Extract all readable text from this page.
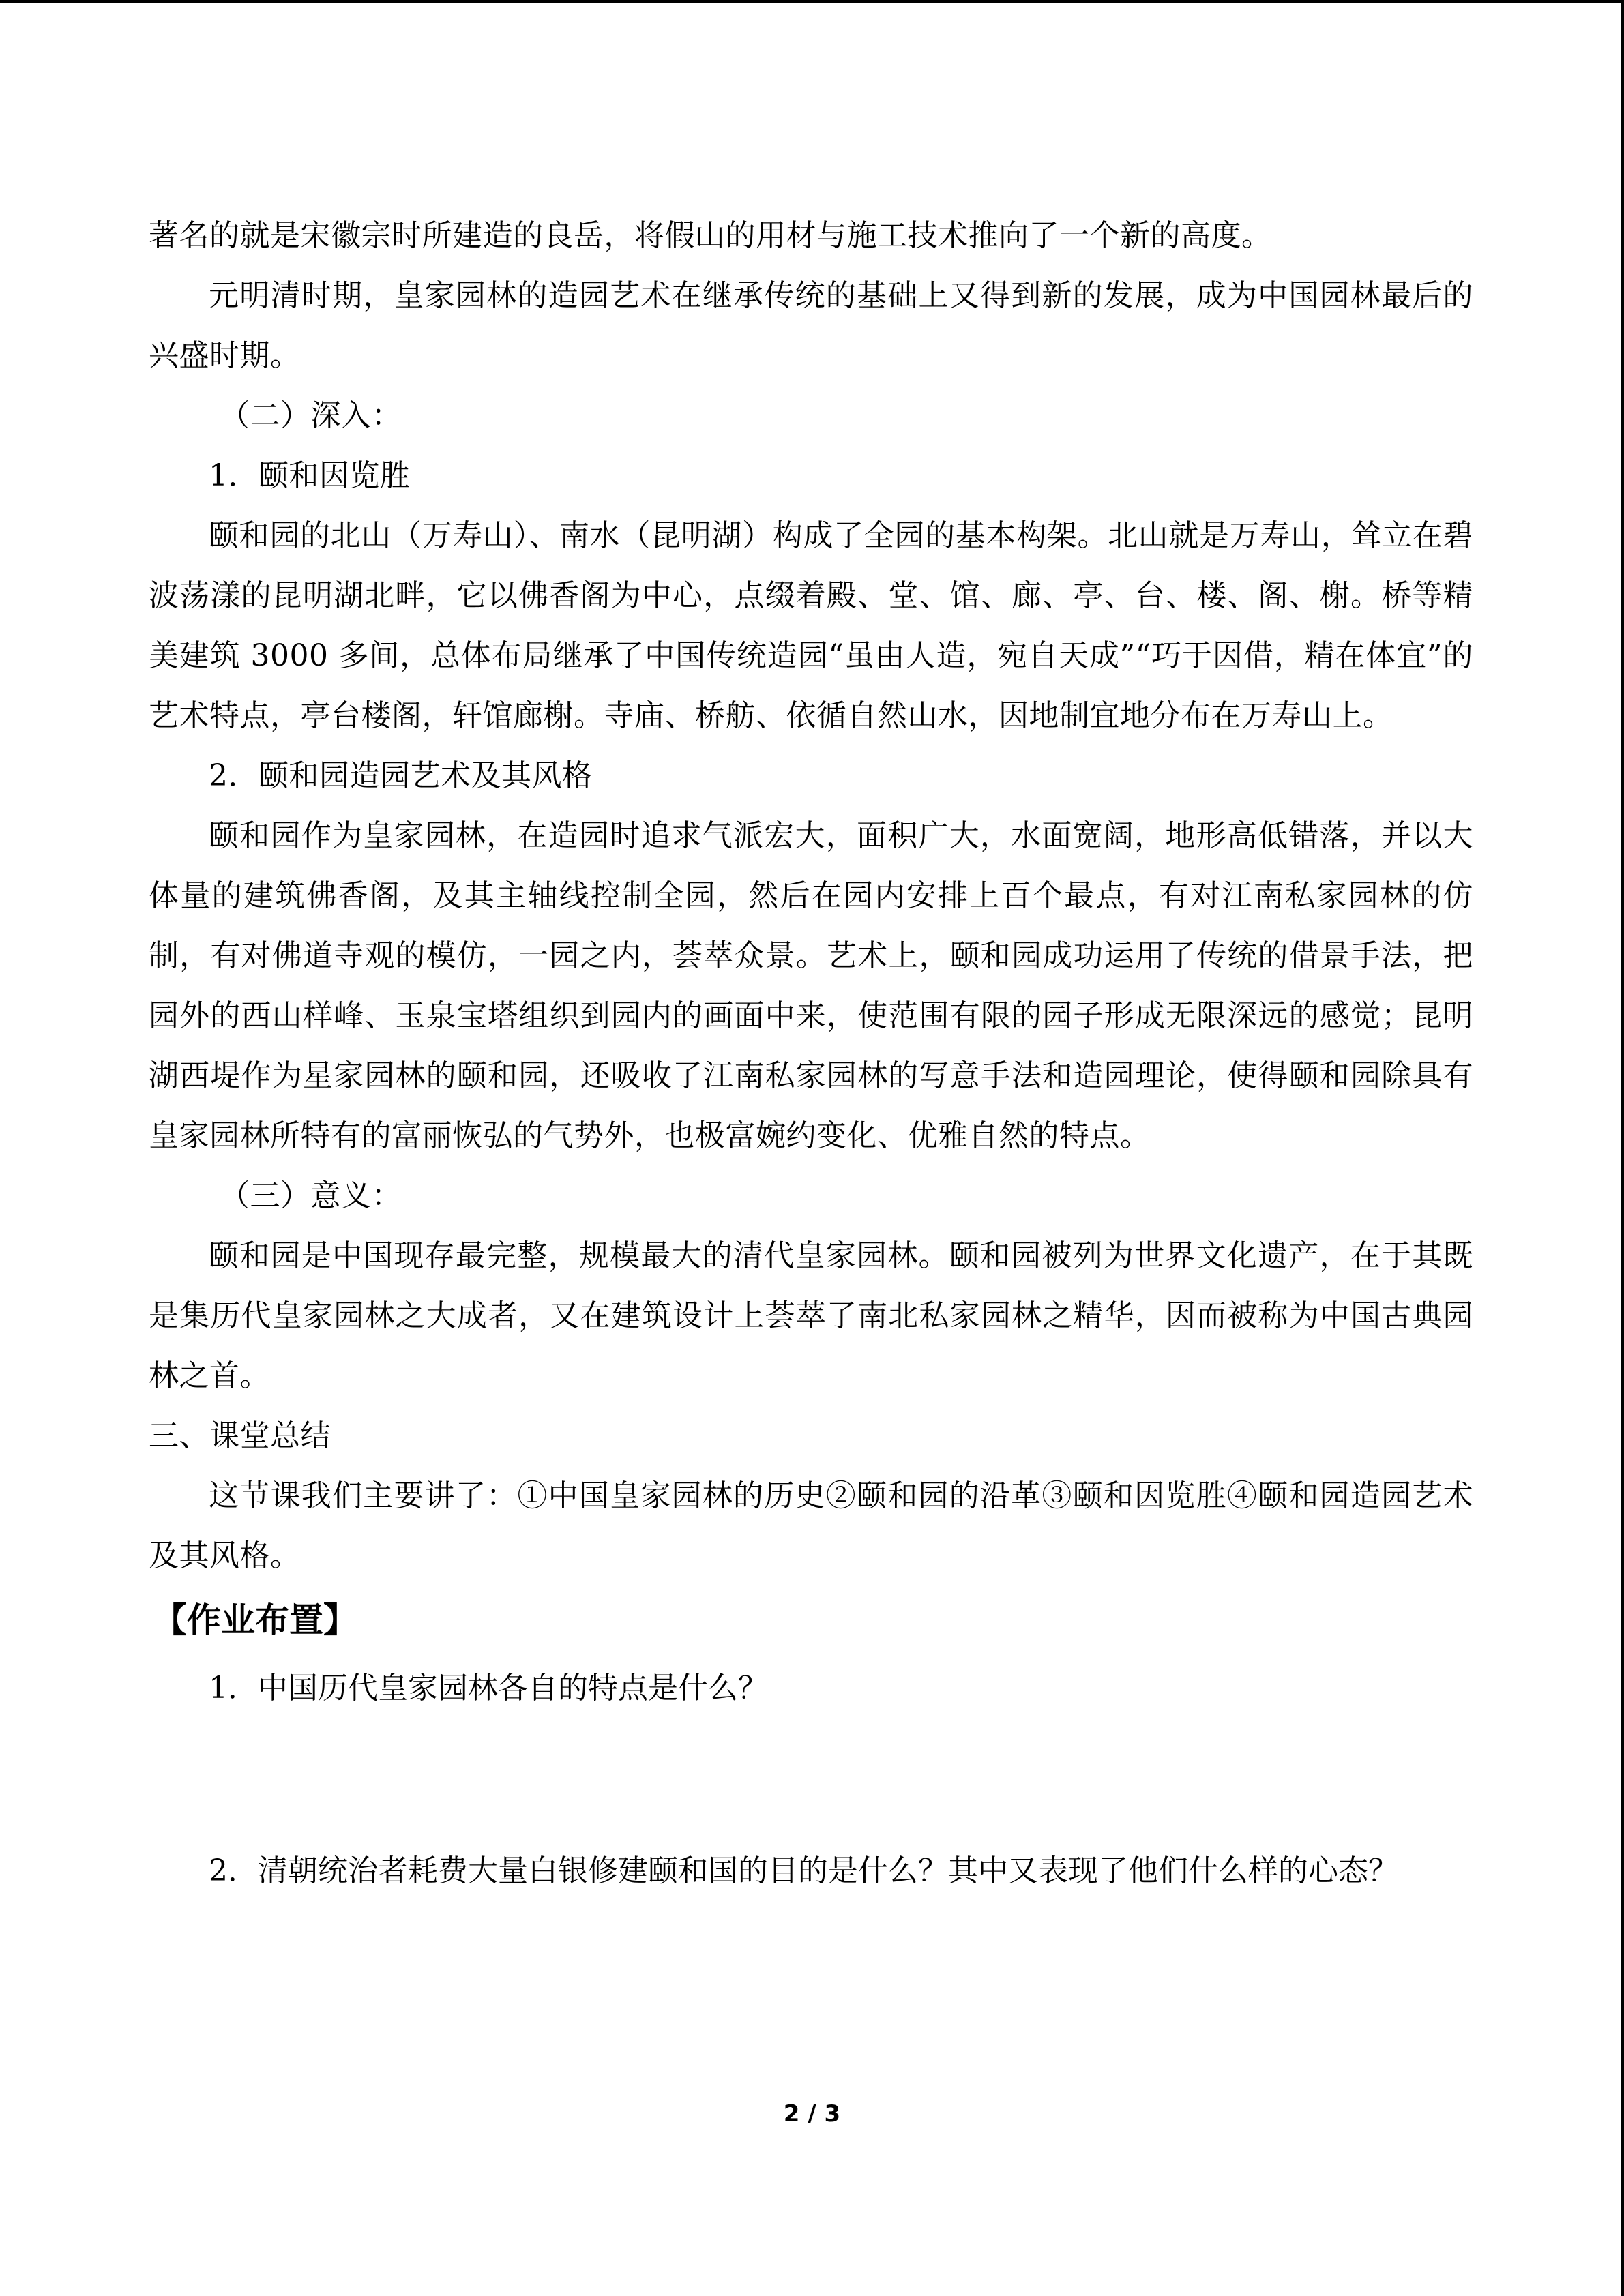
著名的就是宋徽宗时所建造的良岳，将假山的用材与施工技术推向了一个新的高度。

元明清时期，皇家园林的造园艺术在继承传统的基础上又得到新的发展，成为中国园林最后的兴盛时期。

（二）深入：

1．颐和因览胜

颐和园的北山（万寿山）、南水（昆明湖）构成了全园的基本构架。北山就是万寿山，耸立在碧波荡漾的昆明湖北畔，它以佛香阁为中心，点缀着殿、堂、馆、廊、亭、台、楼、阁、榭。桥等精美建筑 3000 多间，总体布局继承了中国传统造园“虽由人造，宛自天成”“巧于因借，精在体宜”的艺术特点，亭台楼阁，轩馆廊榭。寺庙、桥舫、依循自然山水，因地制宜地分布在万寿山上。

2．颐和园造园艺术及其风格

颐和园作为皇家园林，在造园时追求气派宏大，面积广大，水面宽阔，地形高低错落，并以大体量的建筑佛香阁，及其主轴线控制全园，然后在园内安排上百个最点，有对江南私家园林的仿制，有对佛道寺观的模仿，一园之内，荟萃众景。艺术上，颐和园成功运用了传统的借景手法，把园外的西山样峰、玉泉宝塔组织到园内的画面中来，使范围有限的园子形成无限深远的感觉；昆明湖西堤作为星家园林的颐和园，还吸收了江南私家园林的写意手法和造园理论，使得颐和园除具有皇家园林所特有的富丽恢弘的气势外，也极富婉约变化、优雅自然的特点。

（三）意义：

颐和园是中国现存最完整，规模最大的清代皇家园林。颐和园被列为世界文化遗产，在于其既是集历代皇家园林之大成者，又在建筑设计上荟萃了南北私家园林之精华，因而被称为中国古典园林之首。

三、课堂总结

这节课我们主要讲了：①中国皇家园林的历史②颐和园的沿革③颐和因览胜④颐和园造园艺术及其风格。

【作业布置】

1．中国历代皇家园林各自的特点是什么？

2．清朝统治者耗费大量白银修建颐和国的目的是什么？其中又表现了他们什么样的心态？

2 / 3
